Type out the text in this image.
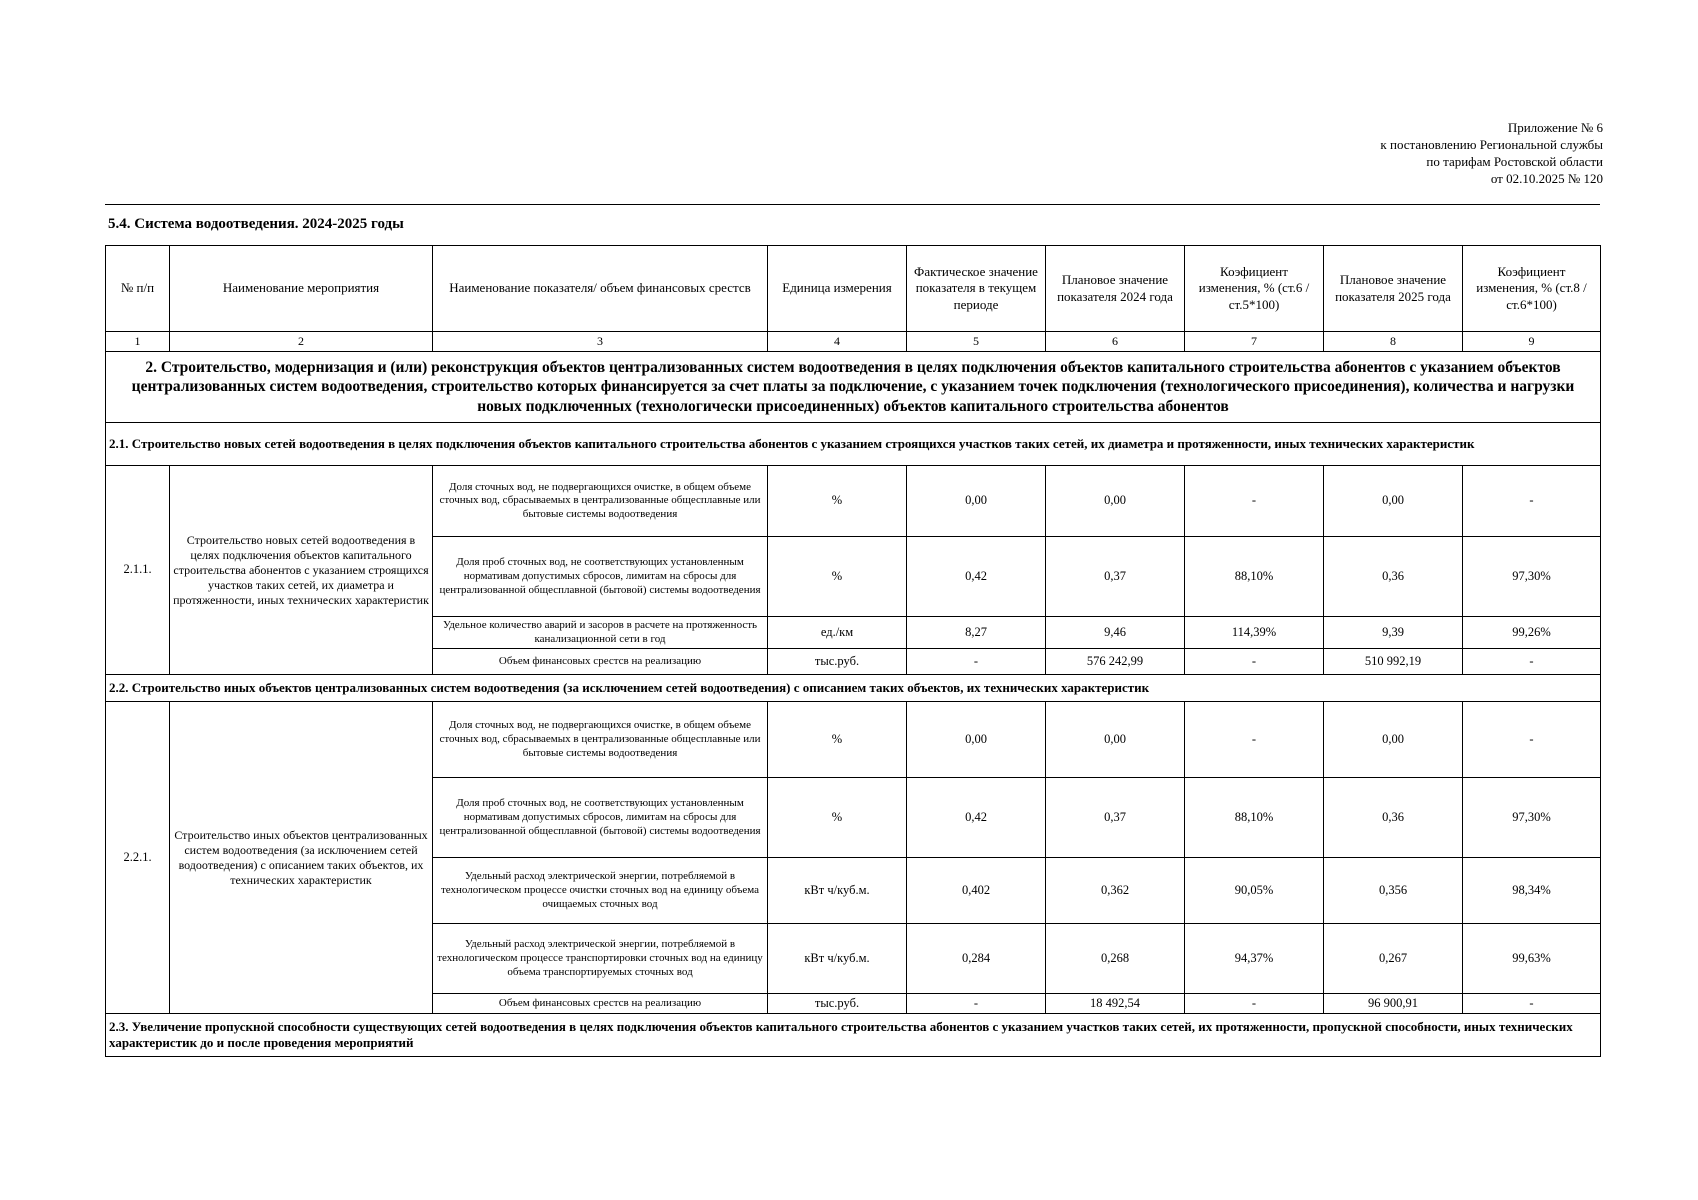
Приложение № 6
к постановлению Региональной службы
по тарифам Ростовской области
от 02.10.2025 № 120
5.4. Система водоотведения. 2024-2025 годы
№ п/п	Наименование мероприятия	Наименование показателя/ объем финансовых срестсв	Единица измерения	Фактическое значение показателя в текущем периоде	Плановое значение показателя 2024 года	Коэфициент изменения, % (ст.6 /ст.5*100)	Плановое значение показателя 2025 года	Коэфициент изменения, % (ст.8 /ст.6*100)
1	2	3	4	5	6	7	8	9
2. Строительство, модернизация и (или) реконструкция объектов централизованных систем водоотведения в целях подключения объектов капитального строительства абонентов с указанием объектов централизованных систем водоотведения, строительство которых финансируется за счет платы за подключение, с указанием точек подключения (технологического присоединения), количества и нагрузки новых подключенных (технологически присоединенных) объектов капитального строительства абонентов								
2.1. Строительство новых сетей водоотведения в целях подключения объектов капитального строительства абонентов с указанием строящихся участков таких сетей, их диаметра и протяженности, иных технических характеристик								
2.1.1.	Строительство новых сетей водоотведения в целях подключения объектов капитального строительства абонентов с указанием строящихся участков таких сетей, их диаметра и протяженности, иных технических характеристик	Доля сточных вод, не подвергающихся очистке, в общем объеме сточных вод, сбрасываемых в централизованные общесплавные или бытовые системы водоотведения	%	0,00	0,00	-	0,00	-
		Доля проб сточных вод, не соответствующих установленным нормативам допустимых сбросов, лимитам на сбросы для централизованной общесплавной (бытовой) системы водоотведения	%	0,42	0,37	88,10%	0,36	97,30%
		Удельное количество аварий и засоров в расчете на протяженность канализационной сети в год	ед./км	8,27	9,46	114,39%	9,39	99,26%
		Объем финансовых срестсв на реализацию	тыс.руб.	-	576 242,99	-	510 992,19	-
2.2. Строительство иных объектов централизованных систем водоотведения (за исключением сетей водоотведения) с описанием таких объектов, их технических характеристик								
2.2.1.	Строительство иных объектов централизованных систем водоотведения (за исключением сетей водоотведения) с описанием таких объектов, их технических характеристик	Доля сточных вод, не подвергающихся очистке, в общем объеме сточных вод, сбрасываемых в централизованные общесплавные или бытовые системы водоотведения	%	0,00	0,00	-	0,00	-
		Доля проб сточных вод, не соответствующих установленным нормативам допустимых сбросов, лимитам на сбросы для централизованной общесплавной (бытовой) системы водоотведения	%	0,42	0,37	88,10%	0,36	97,30%
		Удельный расход электрической энергии, потребляемой в технологическом процессе очистки сточных вод на единицу объема очищаемых сточных вод	кВт ч/куб.м.	0,402	0,362	90,05%	0,356	98,34%
		Удельный расход электрической энергии, потребляемой в технологическом процессе транспортировки сточных вод на единицу объема транспортируемых сточных вод	кВт ч/куб.м.	0,284	0,268	94,37%	0,267	99,63%
		Объем финансовых срестсв на реализацию	тыс.руб.	-	18 492,54	-	96 900,91	-
2.3. Увеличение пропускной способности существующих сетей водоотведения в целях подключения объектов капитального строительства абонентов с указанием участков таких сетей, их протяженности, пропускной способности, иных технических характеристик до и после проведения мероприятий								
